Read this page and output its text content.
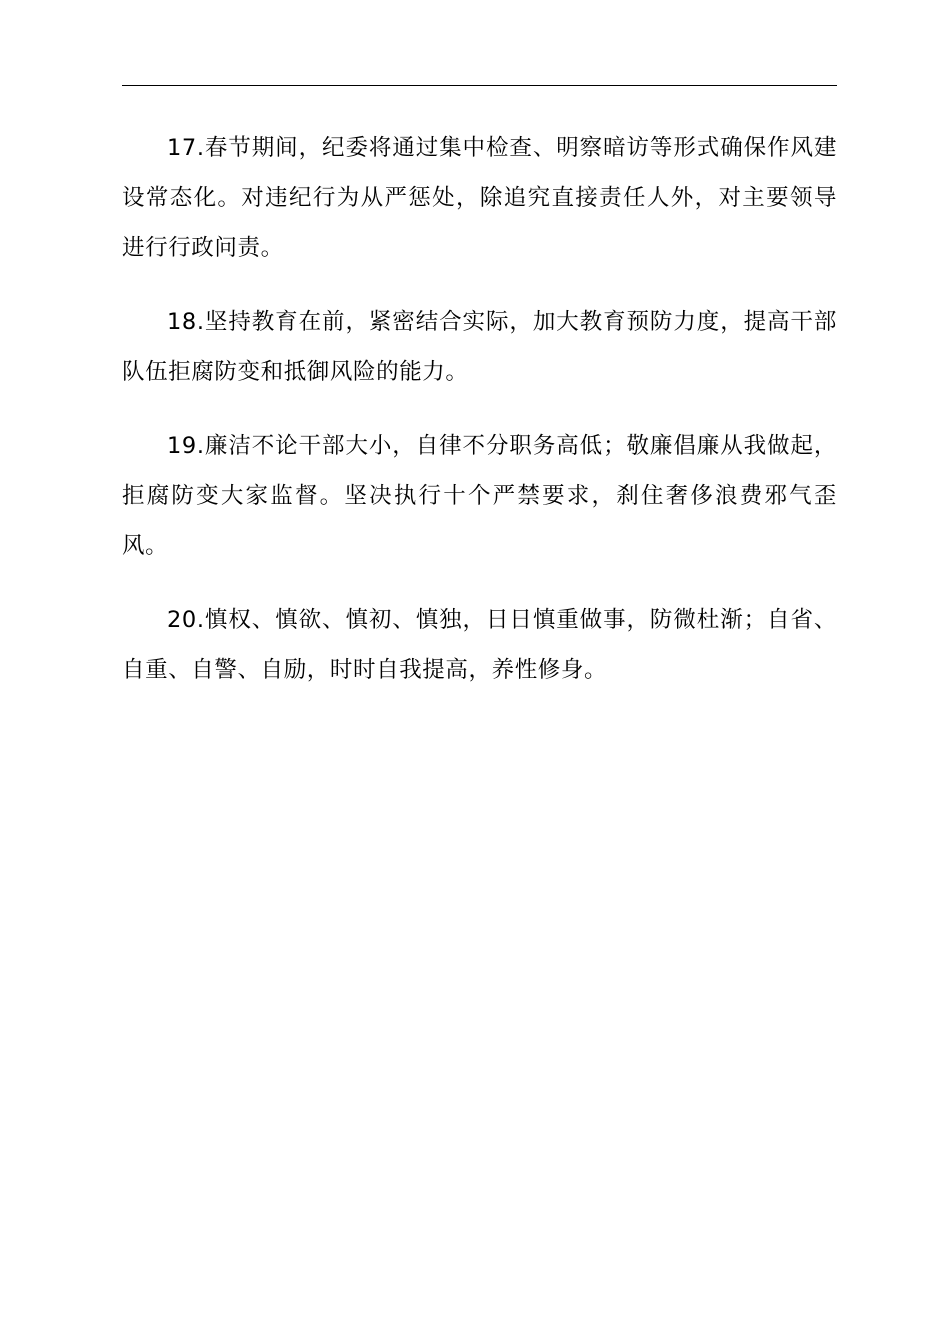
17.春节期间，纪委将通过集中检查、明察暗访等形式确保作风建设常态化。对违纪行为从严惩处，除追究直接责任人外，对主要领导进行行政问责。

18.坚持教育在前，紧密结合实际，加大教育预防力度，提高干部队伍拒腐防变和抵御风险的能力。

19.廉洁不论干部大小，自律不分职务高低；敬廉倡廉从我做起，拒腐防变大家监督。坚决执行十个严禁要求，刹住奢侈浪费邪气歪风。

20.慎权、慎欲、慎初、慎独，日日慎重做事，防微杜渐；自省、自重、自警、自励，时时自我提高，养性修身。
